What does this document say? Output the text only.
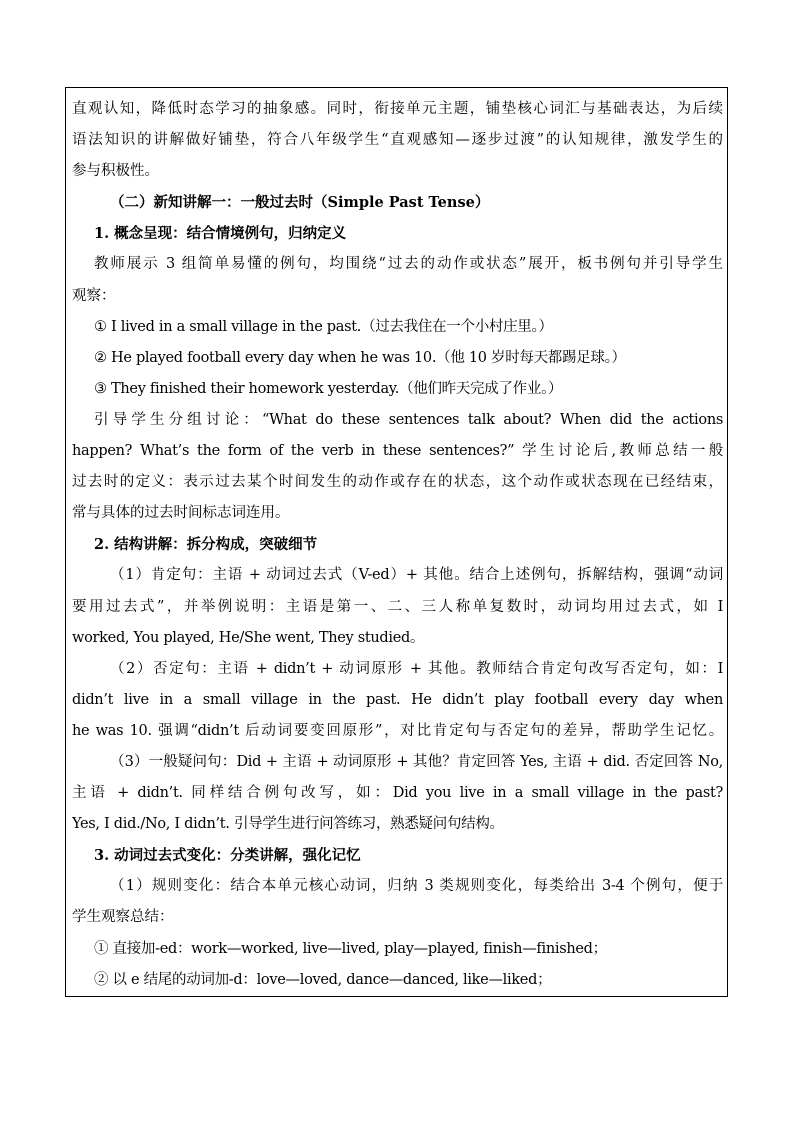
直观认知，降低时态学习的抽象感。同时，衔接单元主题，铺垫核心词汇与基础表达，为后续
语法知识的讲解做好铺垫，符合八年级学生“直观感知—逐步过渡”的认知规律，激发学生的
参与积极性。
（二）新知讲解一：一般过去时（Simple Past Tense）
1. 概念呈现：结合情境例句，归纳定义
教师展示 3 组简单易懂的例句，均围绕“过去的动作或状态”展开，板书例句并引导学生
观察：
① I lived in a small village in the past.（过去我住在一个小村庄里。）
② He played football every day when he was 10.（他 10 岁时每天都踢足球。）
③ They finished their homework yesterday.（他们昨天完成了作业。）
引导学生分组讨论：“What do these sentences talk about? When did the actions
happen? What’s the form of the verb in these sentences?” 学生讨论后,教师总结一般
过去时的定义：表示过去某个时间发生的动作或存在的状态，这个动作或状态现在已经结束，
常与具体的过去时间标志词连用。
2. 结构讲解：拆分构成，突破细节
（1）肯定句：主语 + 动词过去式（V-ed）+ 其他。结合上述例句，拆解结构，强调“动词
要用过去式”，并举例说明：主语是第一、二、三人称单复数时，动词均用过去式，如 I
worked, You played, He/She went, They studied。
（2）否定句：主语 + didn’t + 动词原形 + 其他。教师结合肯定句改写否定句，如：I
didn’t live in a small village in the past. He didn’t play football every day when
he was 10. 强调“didn’t 后动词要变回原形”，对比肯定句与否定句的差异，帮助学生记忆。
（3）一般疑问句：Did + 主语 + 动词原形 + 其他？肯定回答 Yes, 主语 + did. 否定回答 No,
主语 + didn’t. 同样结合例句改写，如：Did you live in a small village in the past?
Yes, I did./No, I didn’t. 引导学生进行问答练习，熟悉疑问句结构。
3. 动词过去式变化：分类讲解，强化记忆
（1）规则变化：结合本单元核心动词，归纳 3 类规则变化，每类给出 3-4 个例句，便于
学生观察总结：
① 直接加-ed：work—worked, live—lived, play—played, finish—finished；
② 以 e 结尾的动词加-d：love—loved, dance—danced, like—liked；
